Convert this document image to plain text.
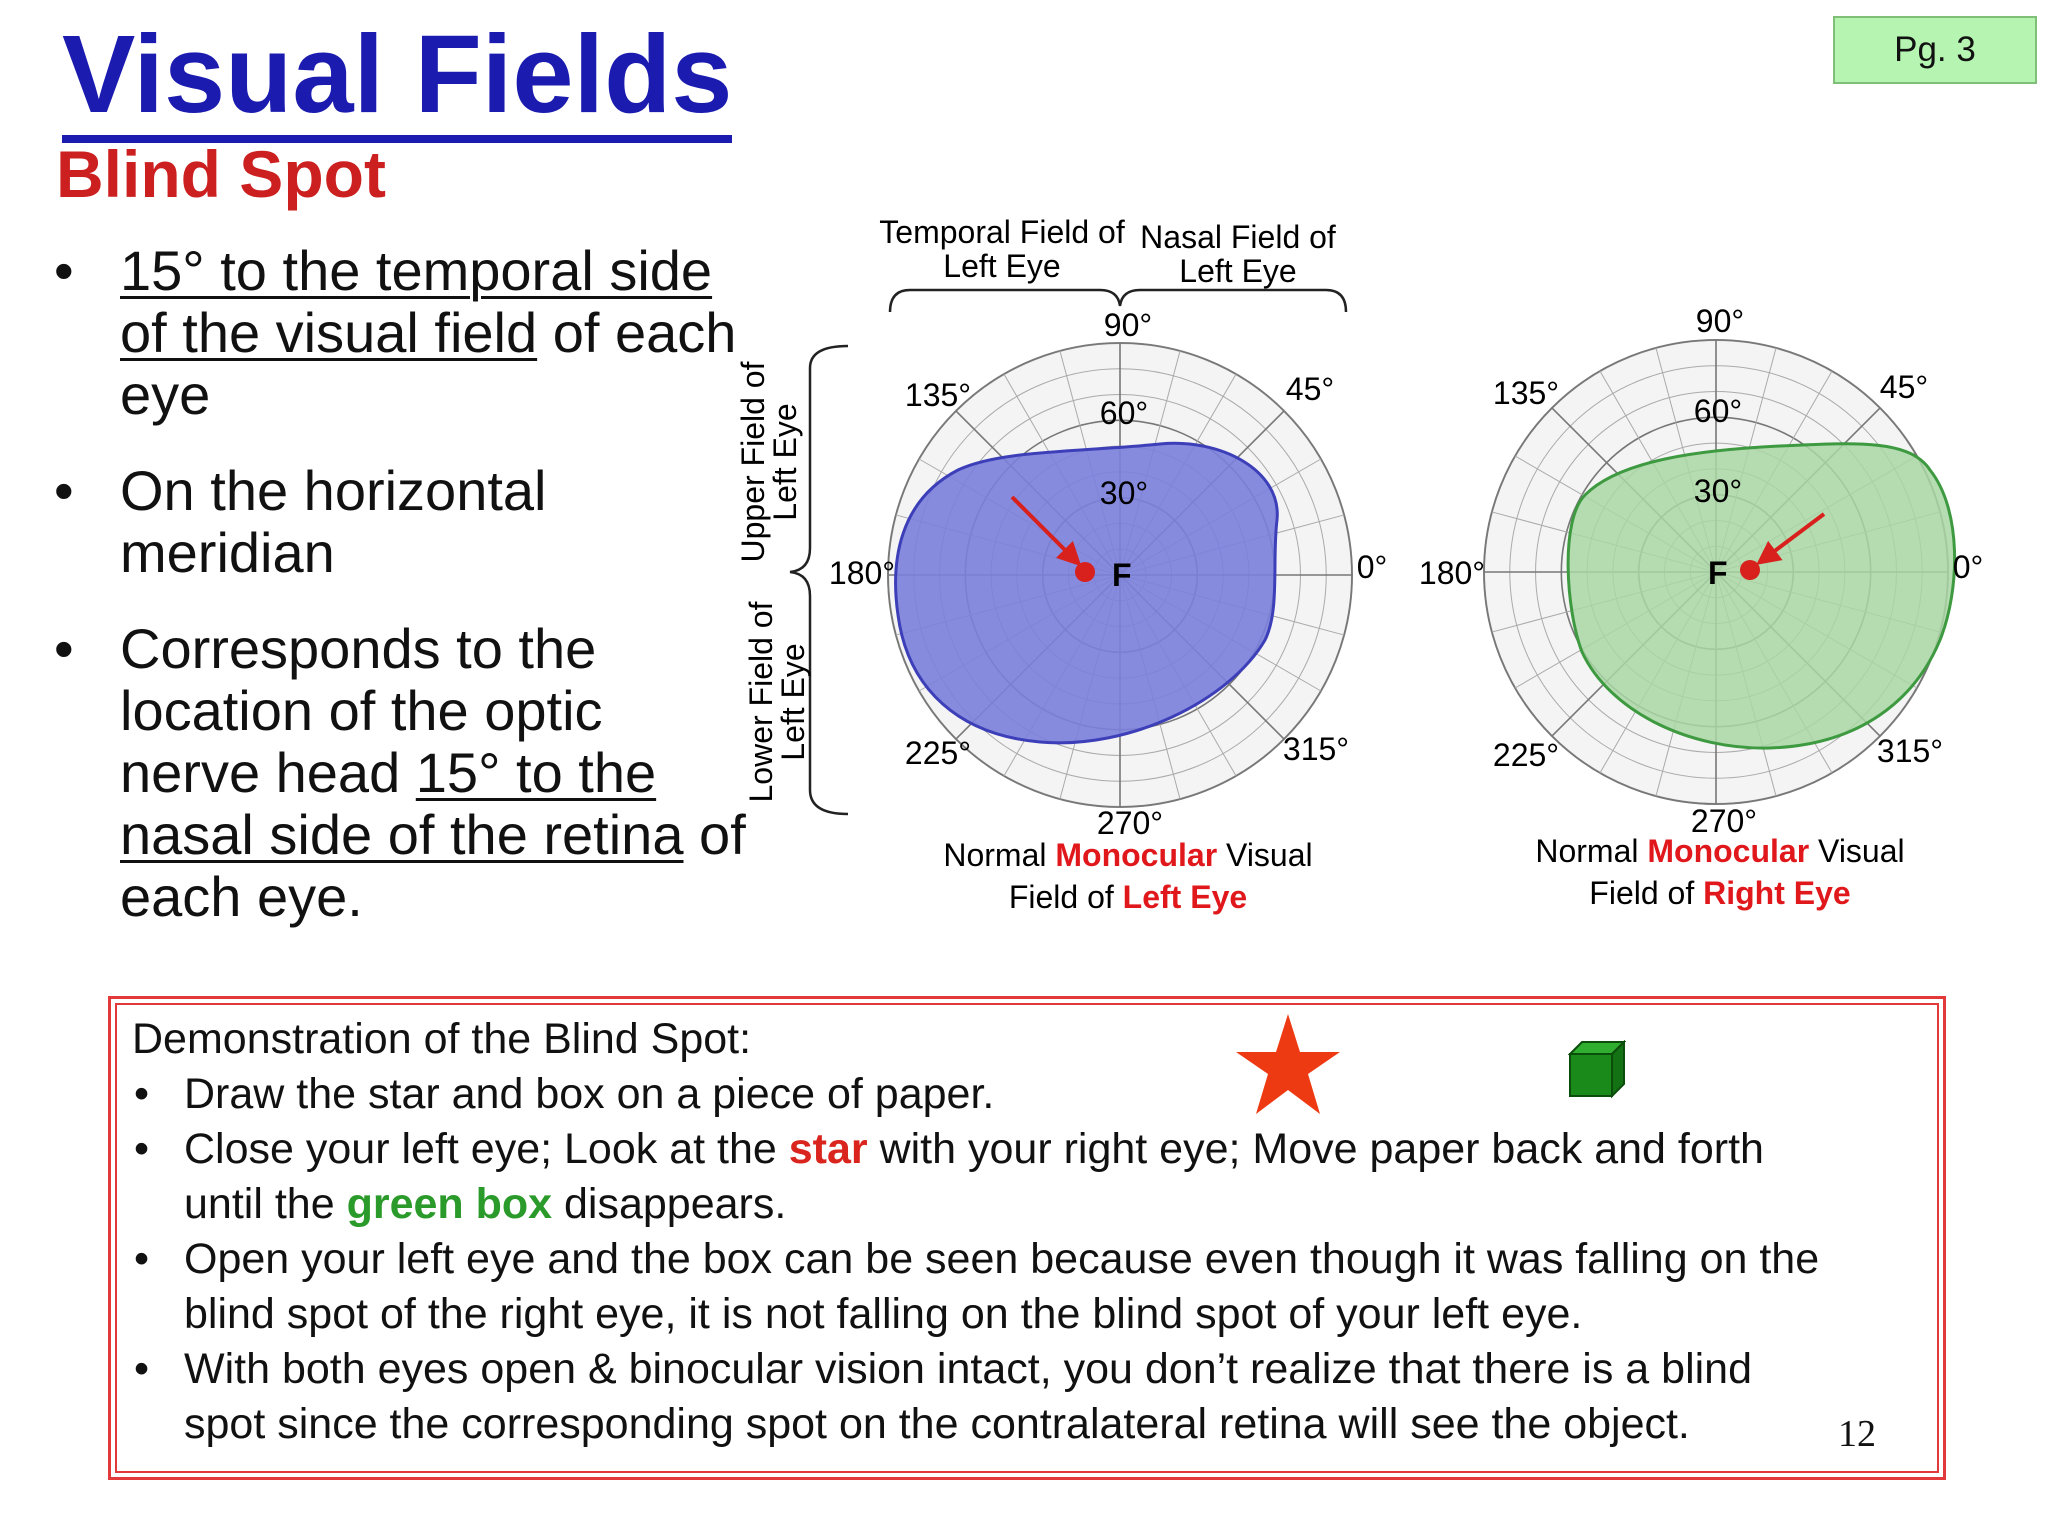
Visual Fields
Blind Spot
Pg. 3
• 15° to the temporal side
of the visual field of each
eye
• On the horizontal
meridian
• Corresponds to the
location of the optic
nerve head 15° to the
nasal side of the retina of
each eye.
F
90°
135°	45°
180°	0°
225°	315°
270°
60°
30°
Temporal Field of
Left Eye
Nasal Field of
Left Eye
Upper Field of
Left Eye
Lower Field of
Left Eye
F
90°
135°	45°
180°	0°
225°	315°
270°
60°
30°
Normal Monocular Visual
Field of Left Eye
Normal Monocular Visual
Field of Right Eye
Demonstration of the Blind Spot:
• Draw the star and box on a piece of paper.
• Close your left eye; Look at the star with your right eye; Move paper back and forth
until the green box disappears.
• Open your left eye and the box can be seen because even though it was falling on the
blind spot of the right eye, it is not falling on the blind spot of your left eye.
• With both eyes open & binocular vision intact, you don’t realize that there is a blind
spot since the corresponding spot on the contralateral retina will see the object.	12
